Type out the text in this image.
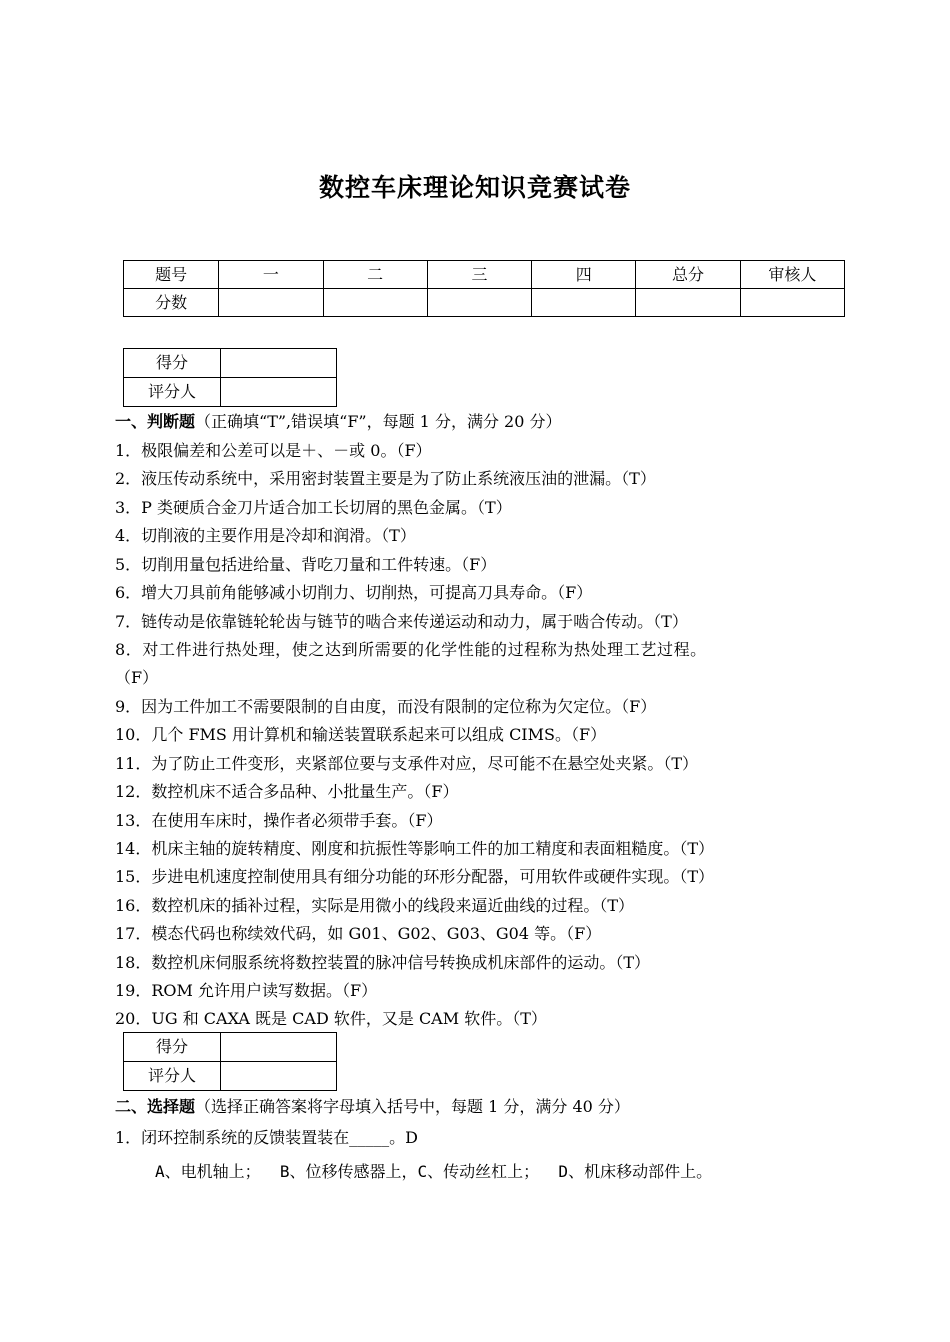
数控车床理论知识竞赛试卷
题号	一	二	三	四	总分	审核人
分数						
得分	
评分人	
一、判断题（正确填“T”,错误填“F”，每题 1 分，满分 20 分）
1．极限偏差和公差可以是＋、－或 0。（F）
2．液压传动系统中，采用密封装置主要是为了防止系统液压油的泄漏。（T）
3．P 类硬质合金刀片适合加工长切屑的黑色金属。（T）
4．切削液的主要作用是冷却和润滑。（T）
5．切削用量包括进给量、背吃刀量和工件转速。（F）
6．增大刀具前角能够减小切削力、切削热，可提高刀具寿命。（F）
7．链传动是依靠链轮轮齿与链节的啮合来传递运动和动力，属于啮合传动。（T）
8．对工件进行热处理，使之达到所需要的化学性能的过程称为热处理工艺过程。
（F）
9．因为工件加工不需要限制的自由度，而没有限制的定位称为欠定位。（F）
10．几个 FMS 用计算机和输送装置联系起来可以组成 CIMS。（F）
11．为了防止工件变形，夹紧部位要与支承件对应，尽可能不在悬空处夹紧。（T）
12．数控机床不适合多品种、小批量生产。（F）
13．在使用车床时，操作者必须带手套。（F）
14．机床主轴的旋转精度、刚度和抗振性等影响工件的加工精度和表面粗糙度。（T）
15．步进电机速度控制使用具有细分功能的环形分配器，可用软件或硬件实现。（T）
16．数控机床的插补过程，实际是用微小的线段来逼近曲线的过程。（T）
17．模态代码也称续效代码，如 G01、G02、G03、G04 等。（F）
18．数控机床伺服系统将数控装置的脉冲信号转换成机床部件的运动。（T）
19．ROM 允许用户读写数据。（F）
20．UG 和 CAXA 既是 CAD 软件，又是 CAM 软件。（T）
得分	
评分人	
二、选择题（选择正确答案将字母填入括号中，每题 1 分，满分 40 分）
1．闭环控制系统的反馈装置装在_____。D
A、电机轴上；  B、位移传感器上，C、传动丝杠上；  D、机床移动部件上。
